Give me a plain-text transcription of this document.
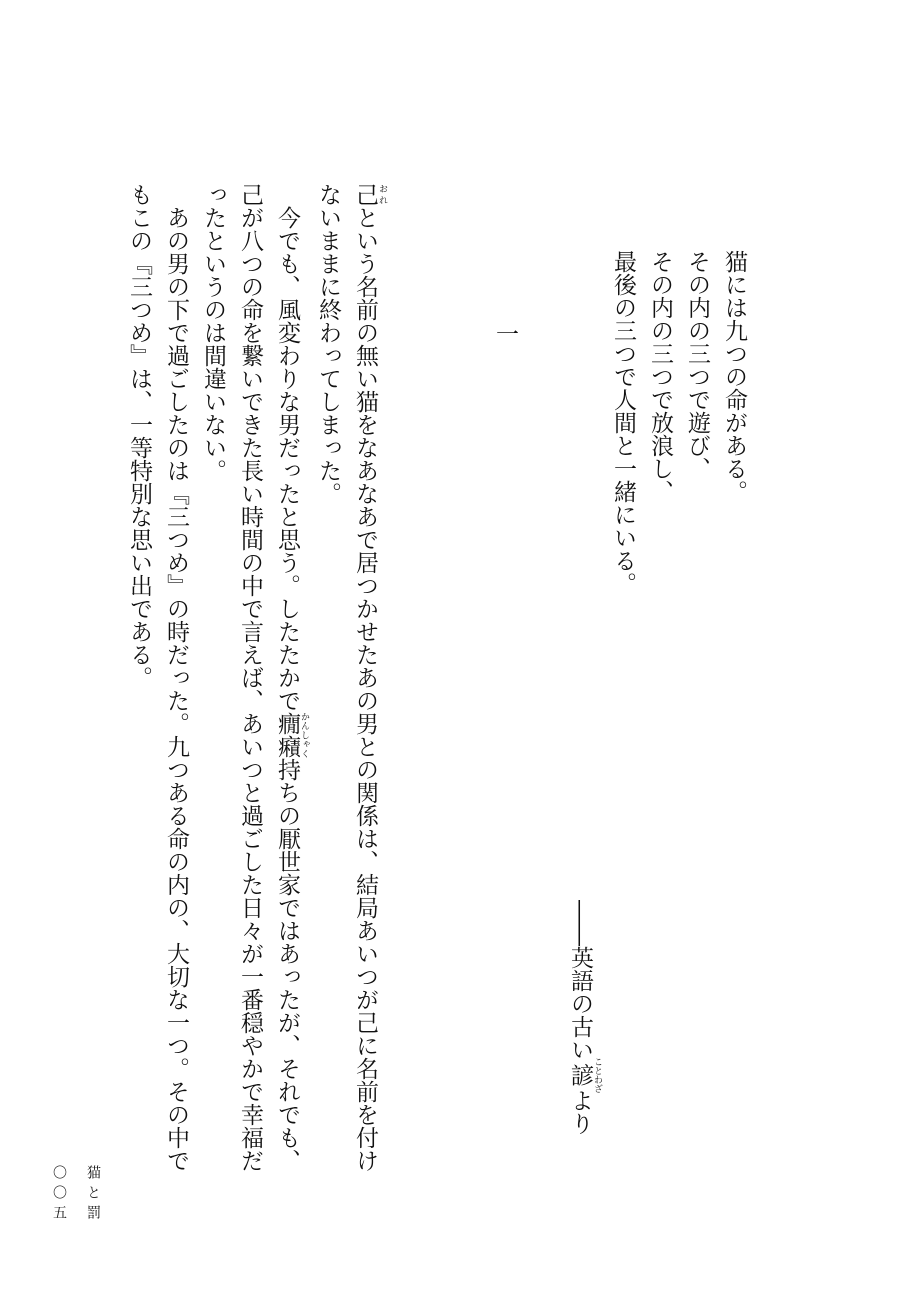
猫には九つの命がある。

その内の三つで遊び、

その内の三つで放浪し、

最後の三つで人間と一緒にいる。

――英語の古い諺 ことわざより
一

己 おれという名前の無い猫をなあなあで居つかせたあの男との関係は、結局あいつが己に名前を付けないままに終わってしまった。

今でも、風変わりな男だったと思う。したたかで癇癪 かんしゃく持ちの厭世家ではあったが、それでも、己が八つの命を繋いできた長い時間の中で言えば、あいつと過ごした日々が一番穏やかで幸福だったというのは間違いない。

あの男の下で過ごしたのは『三つめ』の時だった。九つある命の内の、大切な一つ。その中でもこの『三つめ』は、一等特別な思い出である。

猫と罰
〇〇五
